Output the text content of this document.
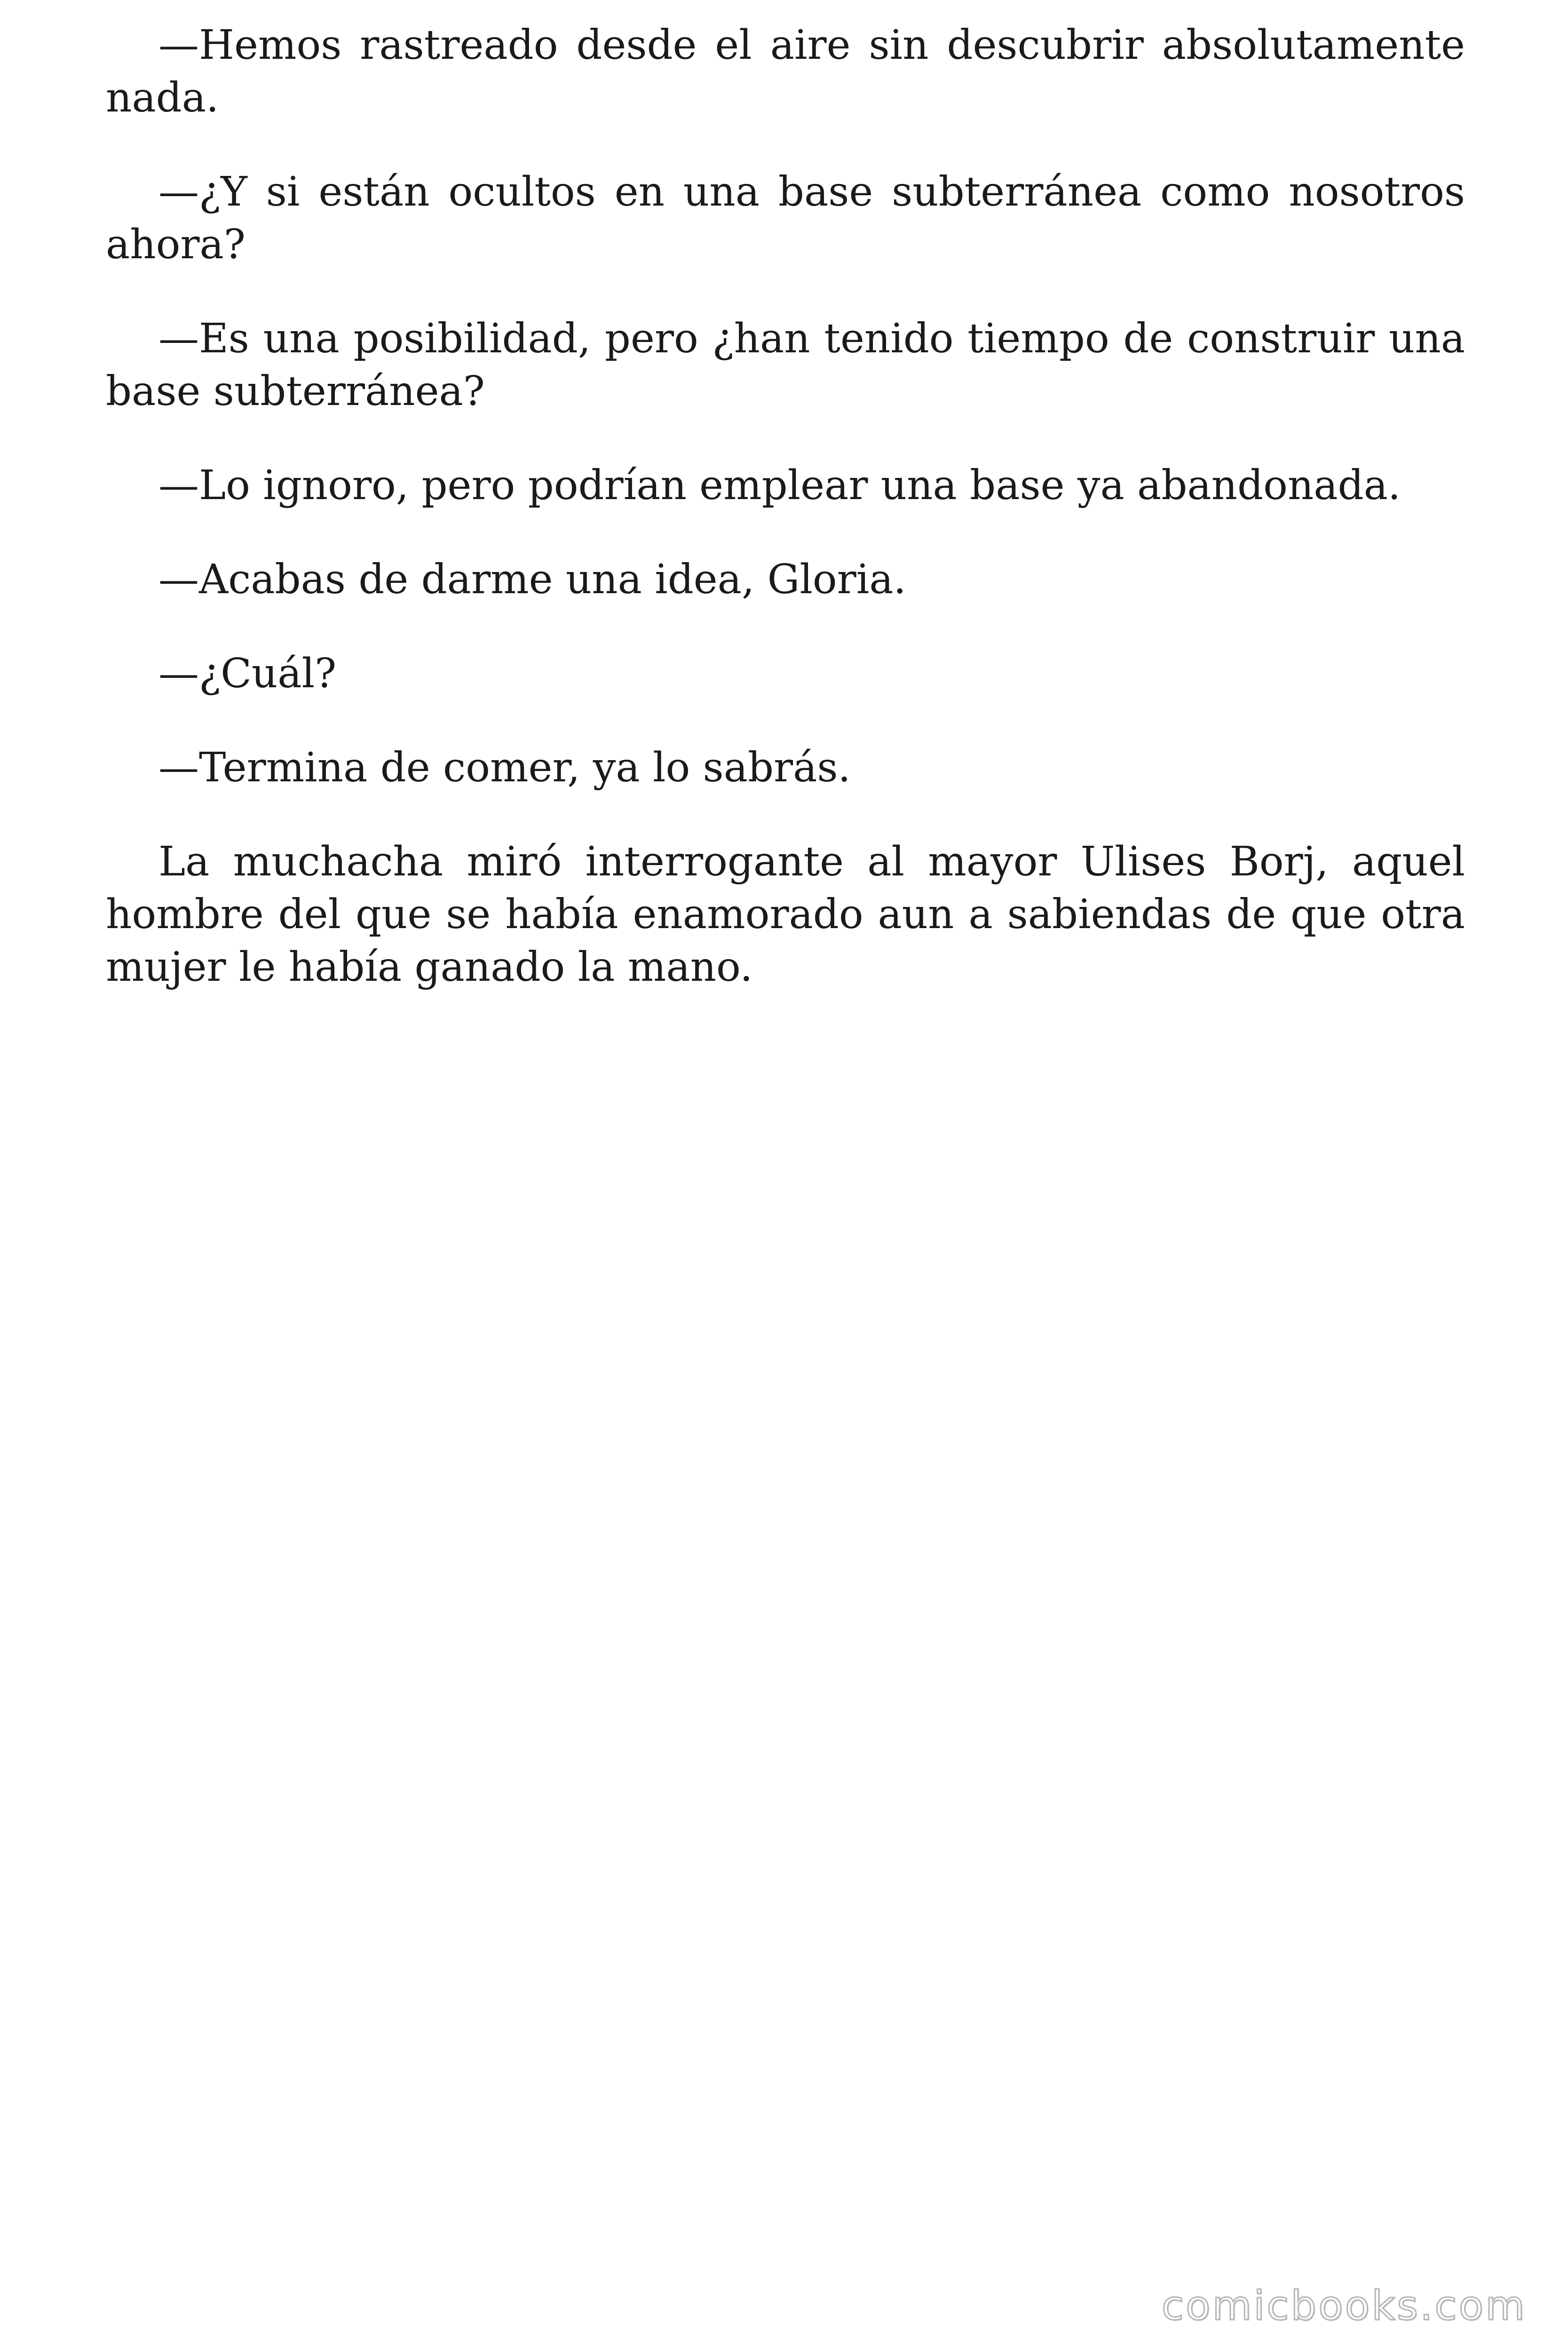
—Hemos rastreado desde el aire sin descubrir absolutamente nada.

—¿Y si están ocultos en una base subterránea como nosotros ahora?

—Es una posibilidad, pero ¿han tenido tiempo de construir una base subterránea?

—Lo ignoro, pero podrían emplear una base ya abandonada.

—Acabas de darme una idea, Gloria.

—¿Cuál?

—Termina de comer, ya lo sabrás.

La muchacha miró interrogante al mayor Ulises Borj, aquel hombre del que se había enamorado aun a sabiendas de que otra mujer le había ganado la mano.

comicbooks.com
